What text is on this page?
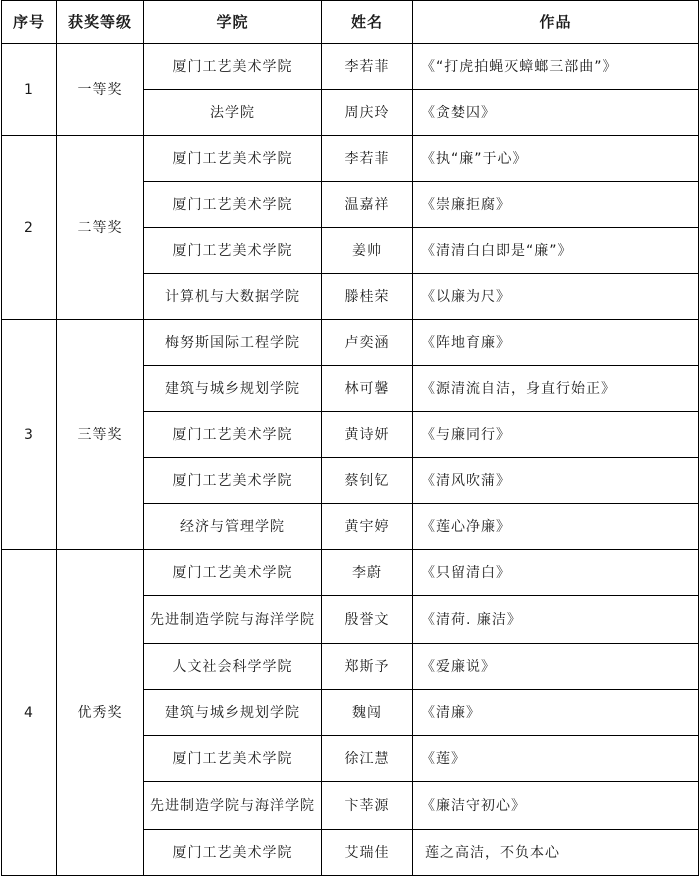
序号	获奖等级	学院	姓名	作品
1	一等奖	厦门工艺美术学院	李若菲	《“打虎拍蝇灭蟑螂三部曲”》
		法学院	周庆玲	《贪婪囚》
2	二等奖	厦门工艺美术学院	李若菲	《执“廉”于心》
		厦门工艺美术学院	温嘉祥	《崇廉拒腐》
		厦门工艺美术学院	姜帅	《清清白白即是“廉”》
		计算机与大数据学院	滕桂荣	《以廉为尺》
3	三等奖	梅努斯国际工程学院	卢奕涵	《阵地育廉》
		建筑与城乡规划学院	林可馨	《源清流自洁，身直行始正》
		厦门工艺美术学院	黄诗妍	《与廉同行》
		厦门工艺美术学院	蔡钊钇	《清风吹蒲》
		经济与管理学院	黄宇婷	《莲心净廉》
4	优秀奖	厦门工艺美术学院	李蔚	《只留清白》
		先进制造学院与海洋学院	殷誉文	《清荷. 廉洁》
		人文社会科学学院	郑斯予	《爱廉说》
		建筑与城乡规划学院	魏闯	《清廉》
		厦门工艺美术学院	徐江慧	《莲》
		先进制造学院与海洋学院	卞莘源	《廉洁守初心》
		厦门工艺美术学院	艾瑞佳	莲之高洁，不负本心
